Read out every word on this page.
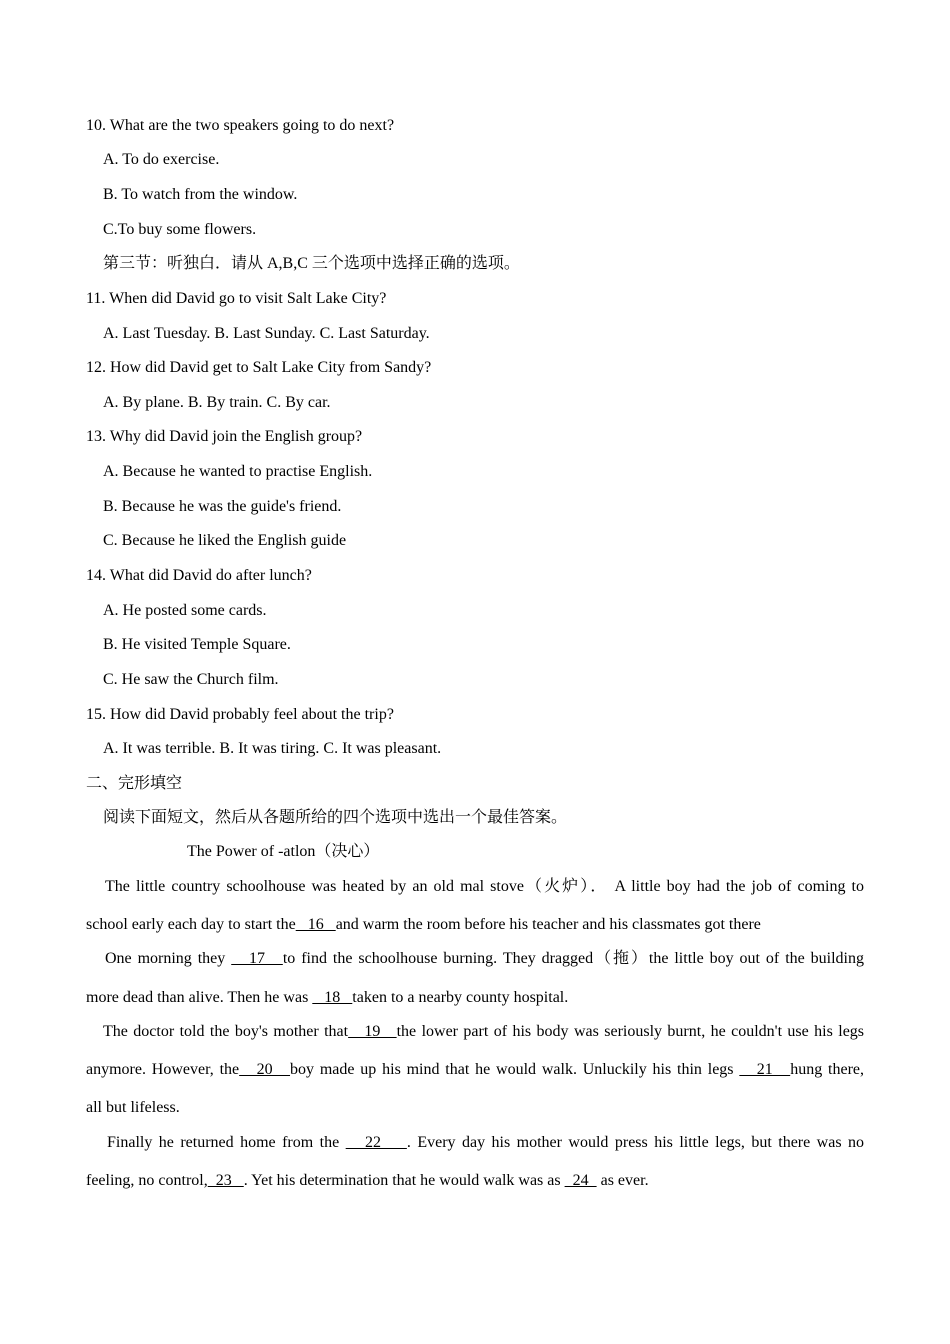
10. What are the two speakers going to do next?
A. To do exercise.
B. To watch from the window.
C.To buy some flowers.
第三节：听独白．请从 A,B,C 三个选项中选择正确的选项。
11. When did David go to visit Salt Lake City?
A. Last Tuesday. B. Last Sunday. C. Last Saturday.
12. How did David get to Salt Lake City from Sandy?
A. By plane. B. By train. C. By car.
13. Why did David join the English group?
A. Because he wanted to practise English.
B. Because he was the guide's friend.
C. Because he liked the English guide
14. What did David do after lunch?
A. He posted some cards.
B. He visited Temple Square.
C. He saw the Church film.
15. How did David probably feel about the trip?
A. It was terrible. B. It was tiring. C. It was pleasant.
二、完形填空
阅读下面短文，然后从各题所给的四个选项中选出一个最佳答案。
The Power of -atlon（决心）
The little country schoolhouse was heated by an old mal stove（火炉）． A little boy had the job of coming to
school early each day to start the   16   and warm the room before his teacher and his classmates got there
One morning they    17   to find the schoolhouse burning. They dragged（拖）the little boy out of the building
more dead than alive. Then he was    18   taken to a nearby county hospital.
The doctor told the boy's mother that   19   the lower part of his body was seriously burnt, he couldn't use his legs
anymore. However, the   20   boy made up his mind that he would walk. Unluckily his thin legs    21   hung there,
all but lifeless.
Finally he returned home from the    22    . Every day his mother would press his little legs, but there was no
feeling, no control,  23   . Yet his determination that he would walk was as   24   as ever.
